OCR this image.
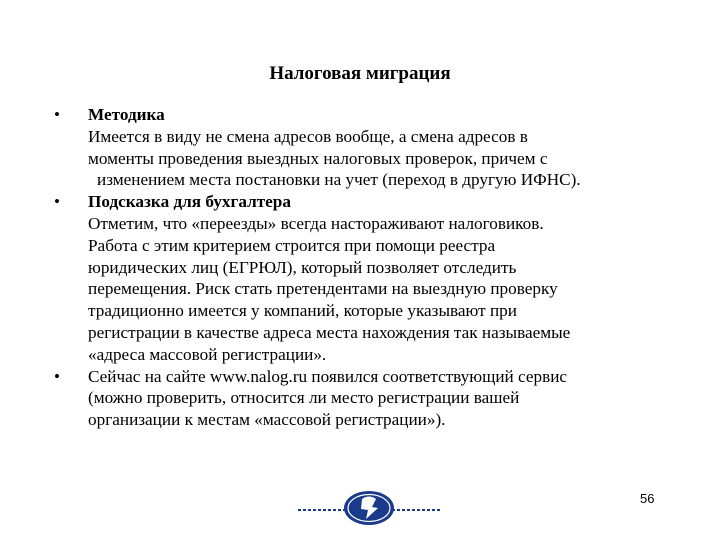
Налоговая миграция
•	Методика
Имеется в виду не смена адресов вообще, а смена адресов в
моменты проведения выездных налоговых проверок, причем с
изменением места постановки на учет (переход в другую ИФНС).
•	Подсказка для бухгалтера
Отметим, что «переезды» всегда настораживают налоговиков.
Работа с этим критерием строится при помощи реестра
юридических лиц (ЕГРЮЛ), который позволяет отследить
перемещения. Риск стать претендентами на выездную проверку
традиционно имеется у компаний, которые указывают при
регистрации в качестве адреса места нахождения так называемые
«адреса массовой регистрации».
•	Сейчас на сайте www.nalog.ru появился соответствующий сервис
(можно проверить, относится ли место регистрации вашей
организации к местам «массовой регистрации»).
56
